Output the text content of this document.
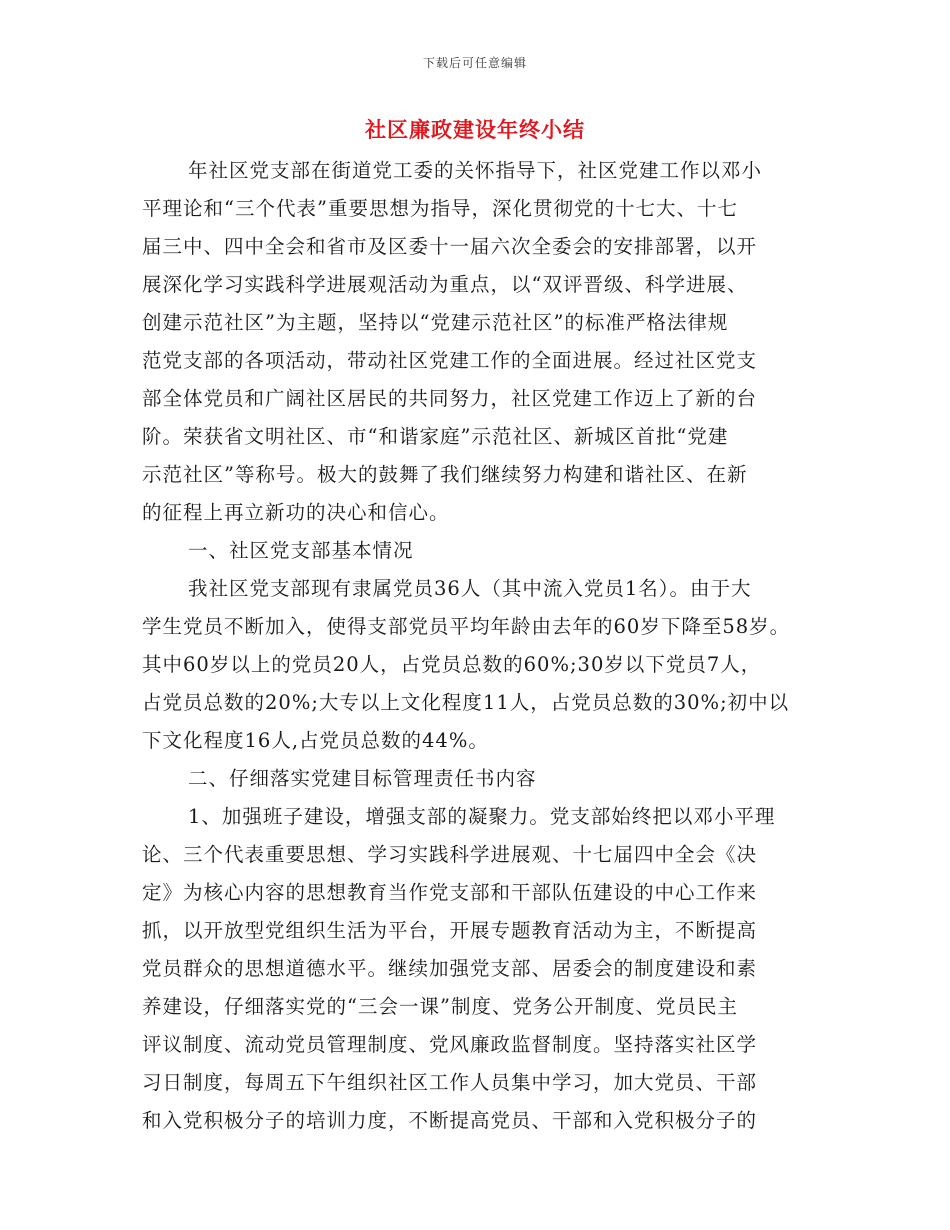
下载后可任意编辑
社区廉政建设年终小结
年社区党支部在街道党工委的关怀指导下，社区党建工作以邓小
平理论和“三个代表”重要思想为指导，深化贯彻党的十七大、十七
届三中、四中全会和省市及区委十一届六次全委会的安排部署，以开
展深化学习实践科学进展观活动为重点，以“双评晋级、科学进展、
创建示范社区”为主题，坚持以“党建示范社区”的标准严格法律规
范党支部的各项活动，带动社区党建工作的全面进展。经过社区党支
部全体党员和广阔社区居民的共同努力，社区党建工作迈上了新的台
阶。荣获省文明社区、市“和谐家庭”示范社区、新城区首批“党建
示范社区”等称号。极大的鼓舞了我们继续努力构建和谐社区、在新
的征程上再立新功的决心和信心。
一、社区党支部基本情况
我社区党支部现有隶属党员36人（其中流入党员1名）。由于大
学生党员不断加入，使得支部党员平均年龄由去年的60岁下降至58岁。
其中60岁以上的党员20人，占党员总数的60%;30岁以下党员7人，
占党员总数的20%;大专以上文化程度11人，占党员总数的30%;初中以
下文化程度16人,占党员总数的44%。
二、仔细落实党建目标管理责任书内容
1、加强班子建设，增强支部的凝聚力。党支部始终把以邓小平理
论、三个代表重要思想、学习实践科学进展观、十七届四中全会《决
定》为核心内容的思想教育当作党支部和干部队伍建设的中心工作来
抓，以开放型党组织生活为平台，开展专题教育活动为主，不断提高
党员群众的思想道德水平。继续加强党支部、居委会的制度建设和素
养建设，仔细落实党的“三会一课”制度、党务公开制度、党员民主
评议制度、流动党员管理制度、党风廉政监督制度。坚持落实社区学
习日制度，每周五下午组织社区工作人员集中学习，加大党员、干部
和入党积极分子的培训力度，不断提高党员、干部和入党积极分子的
